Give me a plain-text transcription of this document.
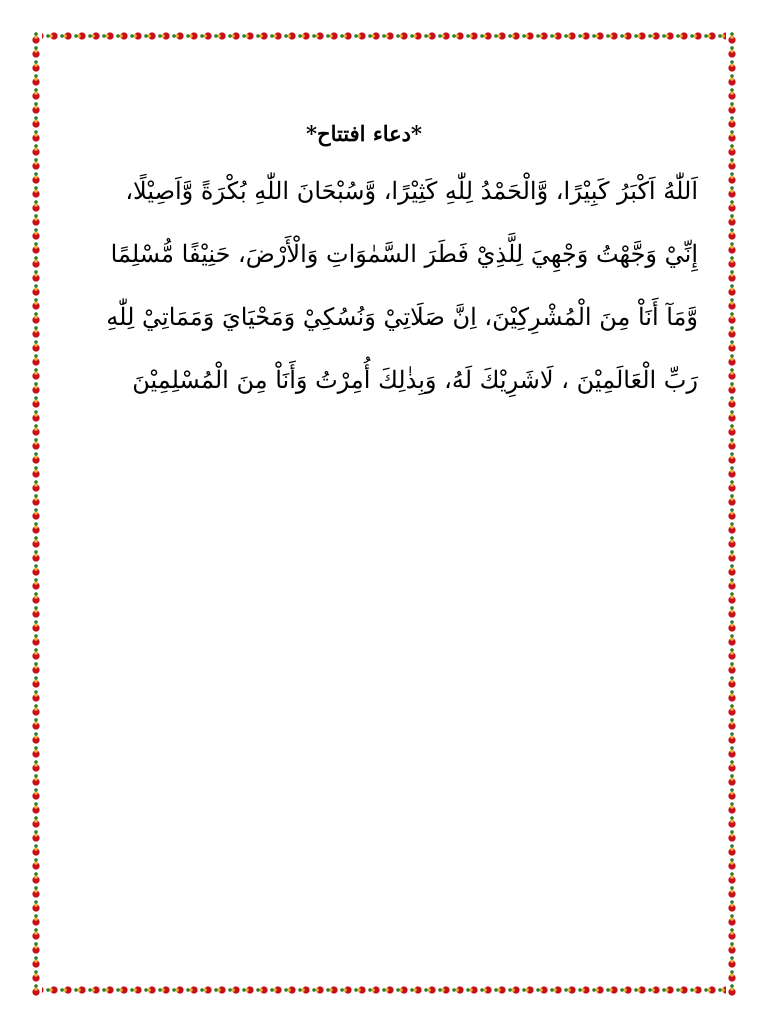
*دعاء افتتاح*

اَللّٰهُ اَكْبَرُ كَبِيْرًا، وَّالْحَمْدُ لِلّٰهِ كَثِيْرًا، وَّسُبْحَانَ اللّٰهِ بُكْرَةً وَّاَصِيْلًا،

إِنِّيْ وَجَّهْتُ وَجْهِيَ لِلَّذِيْ فَطَرَ السَّمٰوَاتِ وَالْأَرْضَ، حَنِيْفًا مُّسْلِمًا

وَّمَآ أَنَاْ مِنَ الْمُشْرِكِيْنَ، اِنَّ صَلَاتِيْ وَنُسُكِيْ وَمَحْيَايَ وَمَمَاتِيْ لِلّٰهِ

رَبِّ الْعَالَمِيْنَ ، لَاشَرِيْكَ لَهُ، وَبِذٰلِكَ أُمِرْتُ وَأَنَاْ مِنَ الْمُسْلِمِيْنَ
